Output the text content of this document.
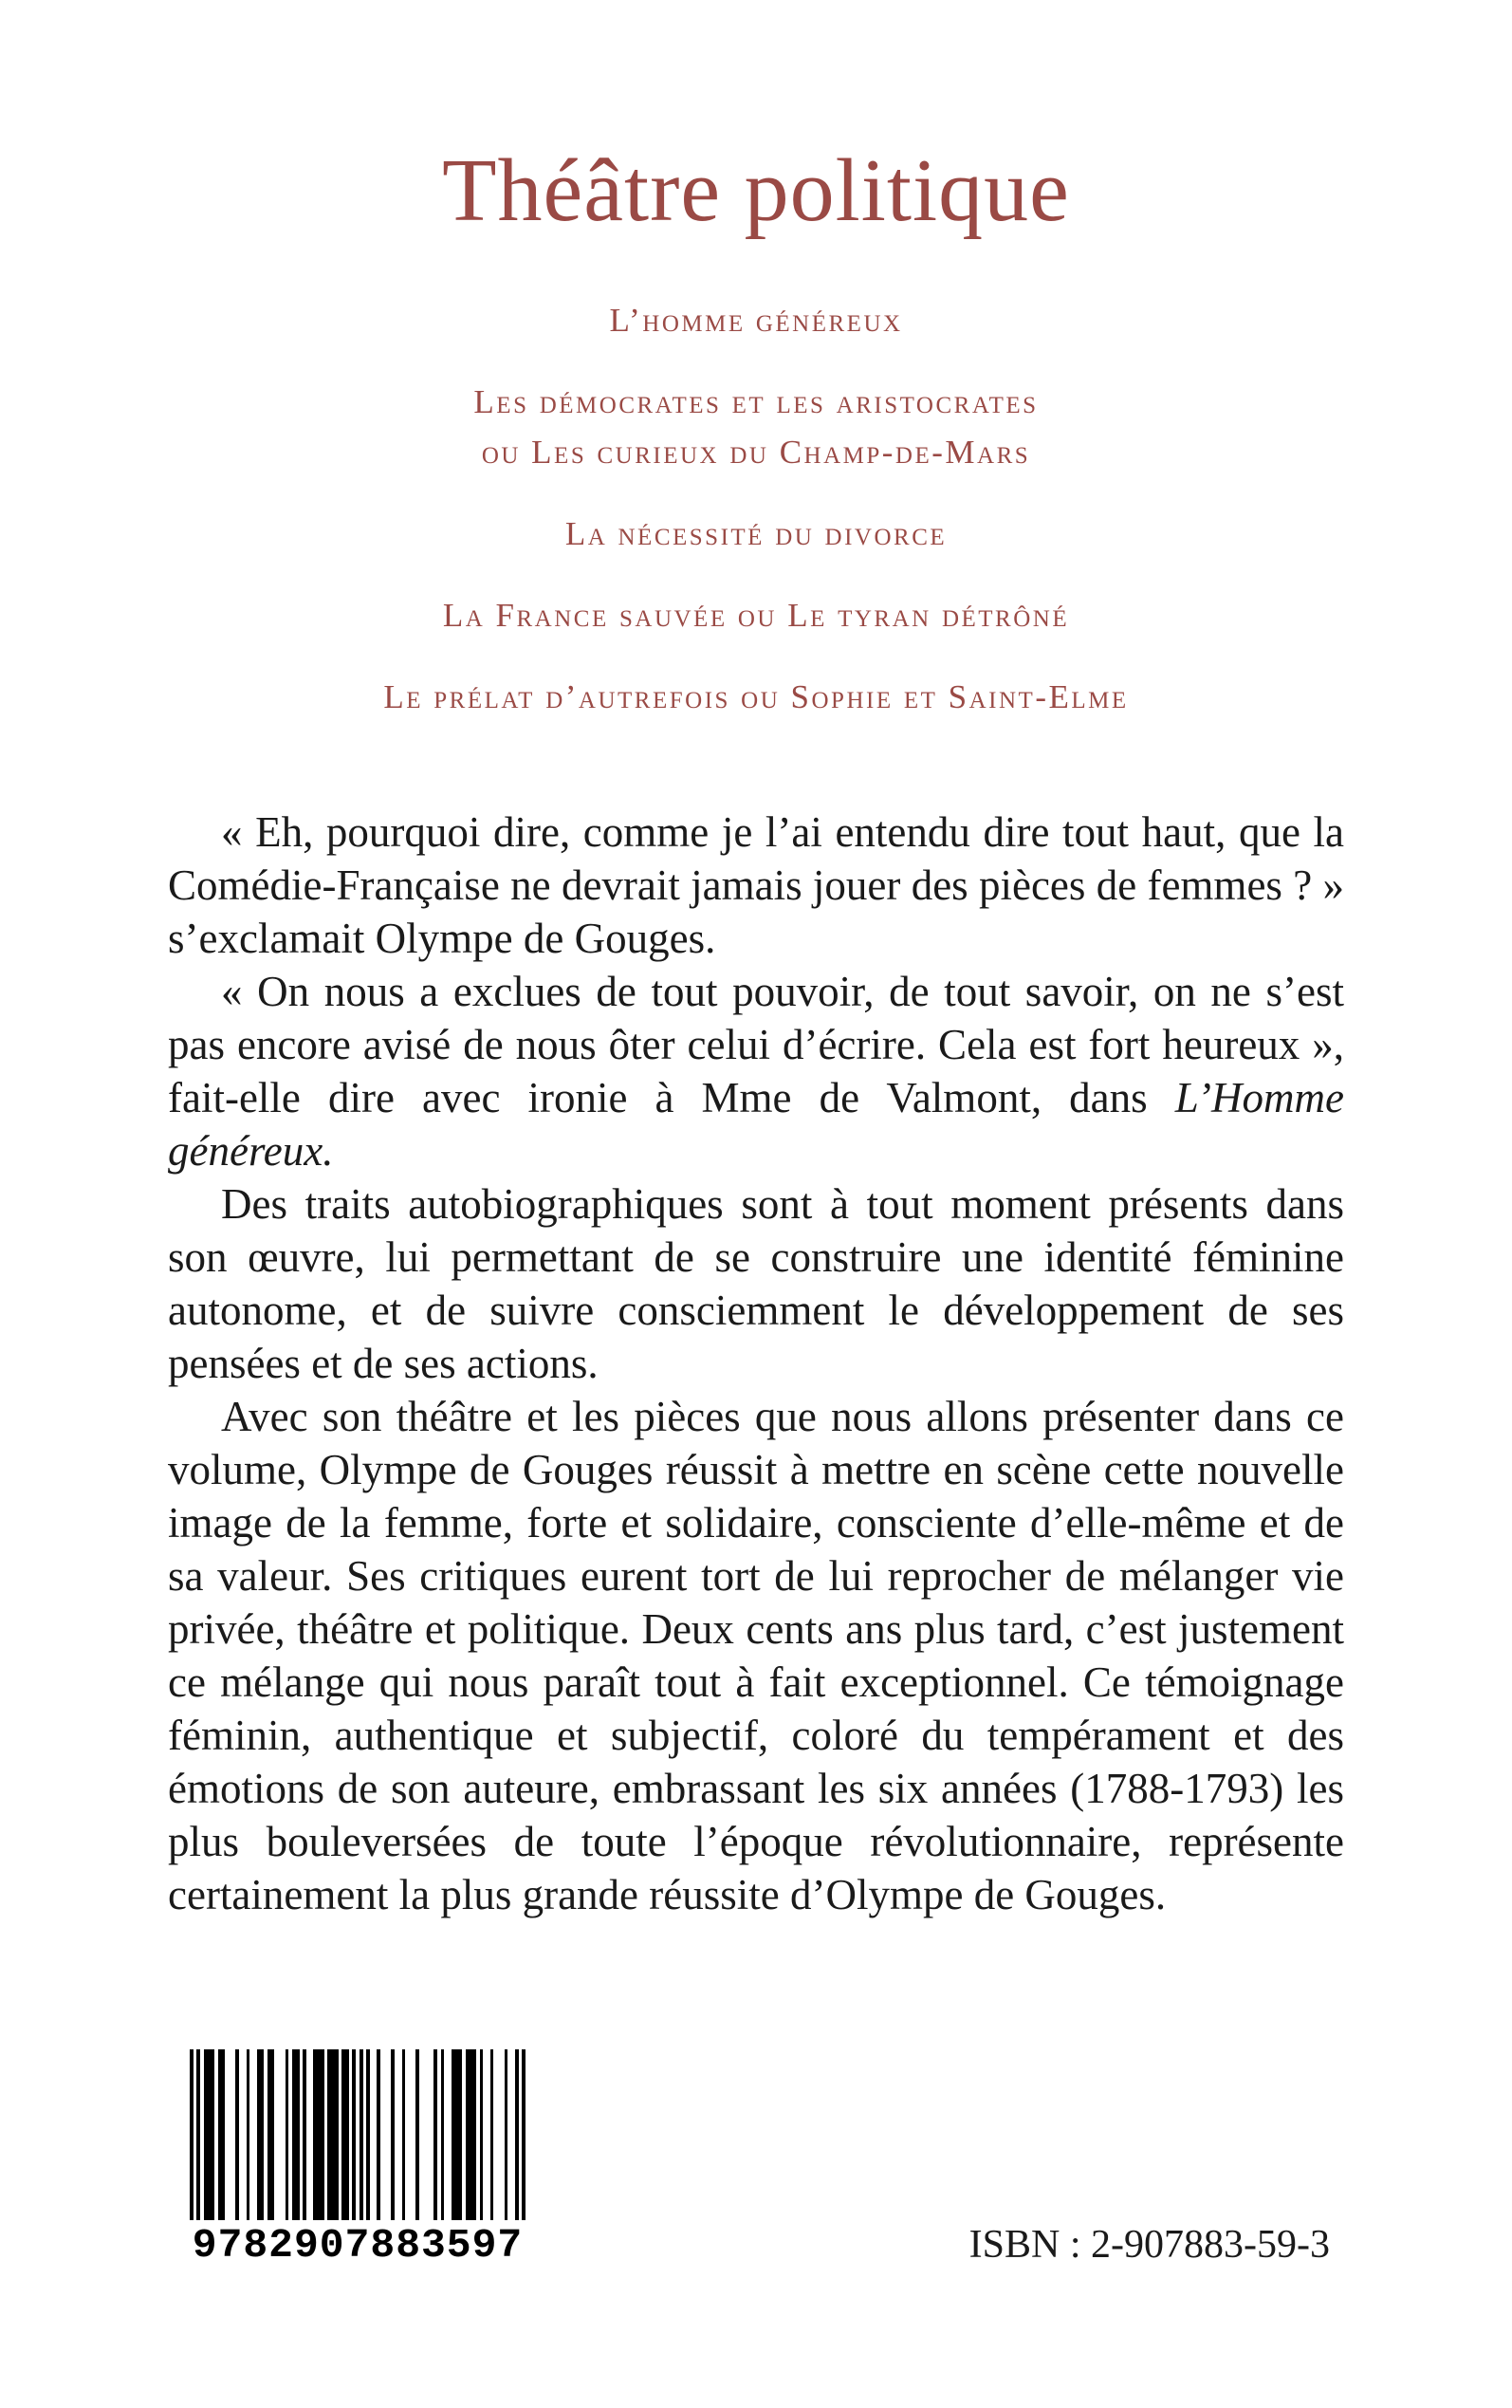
Théâtre politique
L’homme généreux
Les démocrates et les aristocrates
ou Les curieux du Champ-de-Mars
La nécessité du divorce
La France sauvée ou Le tyran détrôné
Le prélat d’autrefois ou Sophie et Saint-Elme

« Eh, pourquoi dire, comme je l’ai entendu dire tout haut, que la Comédie-Française ne devrait jamais jouer des pièces de femmes ? » s’exclamait Olympe de Gouges.

« On nous a exclues de tout pouvoir, de tout savoir, on ne s’est pas encore avisé de nous ôter celui d’écrire. Cela est fort heureux », fait-elle dire avec ironie à Mme de Valmont, dans L’Homme généreux.

Des traits autobiographiques sont à tout moment présents dans son œuvre, lui permettant de se construire une identité féminine autonome, et de suivre consciemment le développement de ses pensées et de ses actions.

Avec son théâtre et les pièces que nous allons présenter dans ce volume, Olympe de Gouges réussit à mettre en scène cette nouvelle image de la femme, forte et solidaire, consciente d’elle-même et de sa valeur. Ses critiques eurent tort de lui reprocher de mélanger vie privée, théâtre et politique. Deux cents ans plus tard, c’est justement ce mélange qui nous paraît tout à fait exceptionnel. Ce témoignage féminin, authentique et subjectif, coloré du tempérament et des émotions de son auteure, embrassant les six années (1788-1793) les plus bouleversées de toute l’époque révolutionnaire, représente certainement la plus grande réussite d’Olympe de Gouges.

9782907883597	ISBN : 2-907883-59-3
